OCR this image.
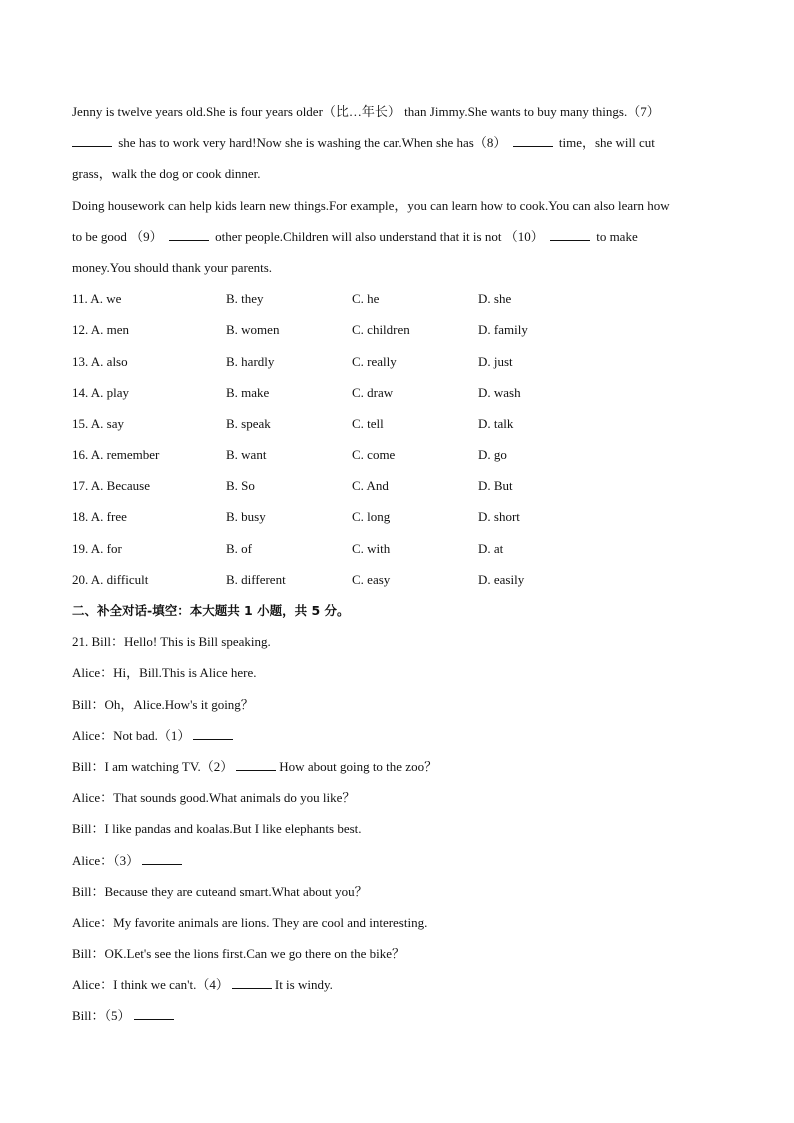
Jenny is twelve years old.She is four years older（比…年长） than Jimmy.She wants to buy many things.（7）
she has to work very hard!Now she is washing the car.When she has（8）	time，she will cut
grass，walk the dog or cook dinner.
Doing housework can help kids learn new things.For example，you can learn how to cook.You can also learn how
to be good （9）	other people.Children will also understand that it is not （10）	to make
money.You should thank your parents.
11. A. we	B. they	C. he	D. she
12. A. men	B. women	C. children	D. family
13. A. also	B. hardly	C. really	D. just
14. A. play	B. make	C. draw	D. wash
15. A. say	B. speak	C. tell	D. talk
16. A. remember	B. want	C. come	D. go
17. A. Because	B. So	C. And	D. But
18. A. free	B. busy	C. long	D. short
19. A. for	B. of	C. with	D. at
20. A. difficult	B. different	C. easy	D. easily
二、补全对话-填空：本大题共 1 小题，共 5 分。
21. Bill：Hello! This is Bill speaking.
Alice：Hi，Bill.This is Alice here.
Bill：Oh，Alice.How's it going？
Alice：Not bad.（1）
Bill：I am watching TV.（2）	How about going to the zoo？
Alice：That sounds good.What animals do you like？
Bill：I like pandas and koalas.But I like elephants best.
Alice：（3）
Bill：Because they are cuteand smart.What about you？
Alice：My favorite animals are lions. They are cool and interesting.
Bill：OK.Let's see the lions first.Can we go there on the bike？
Alice：I think we can't.（4）	It is windy.
Bill：（5）
